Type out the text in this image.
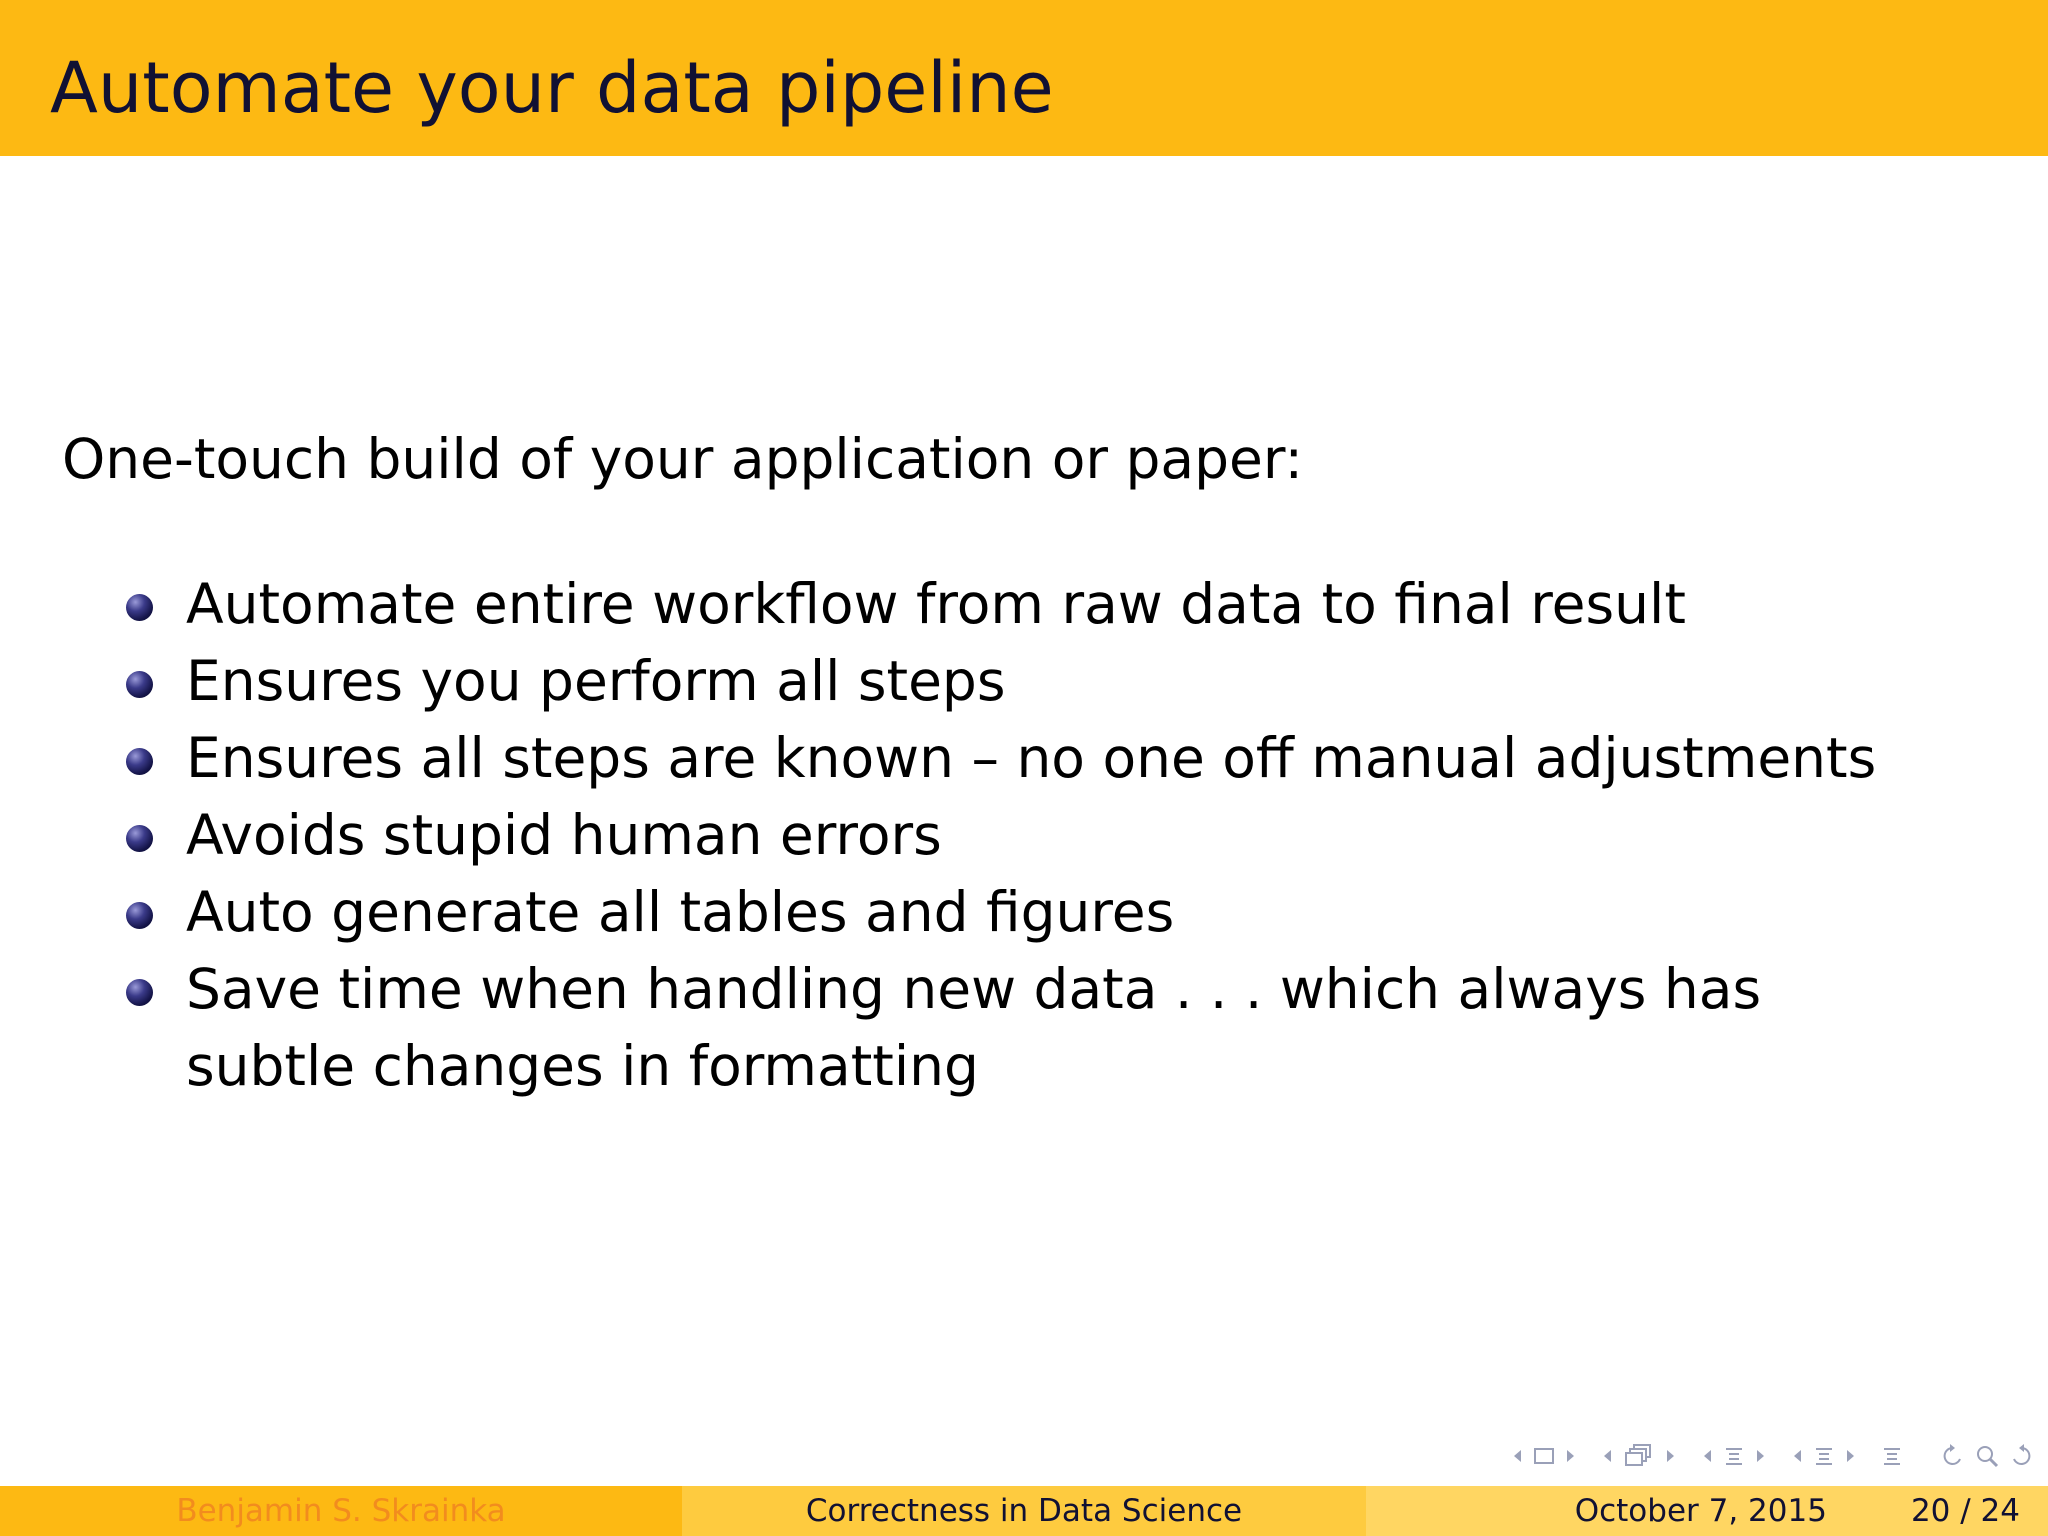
Automate your data pipeline
One-touch build of your application or paper:
Automate entire workflow from raw data to final result
Ensures you perform all steps
Ensures all steps are known – no one off manual adjustments
Avoids stupid human errors
Auto generate all tables and figures
Save time when handling new data . . . which always has subtle changes in formatting
Benjamin S. Skrainka	Correctness in Data Science	October 7, 2015	20 / 24
